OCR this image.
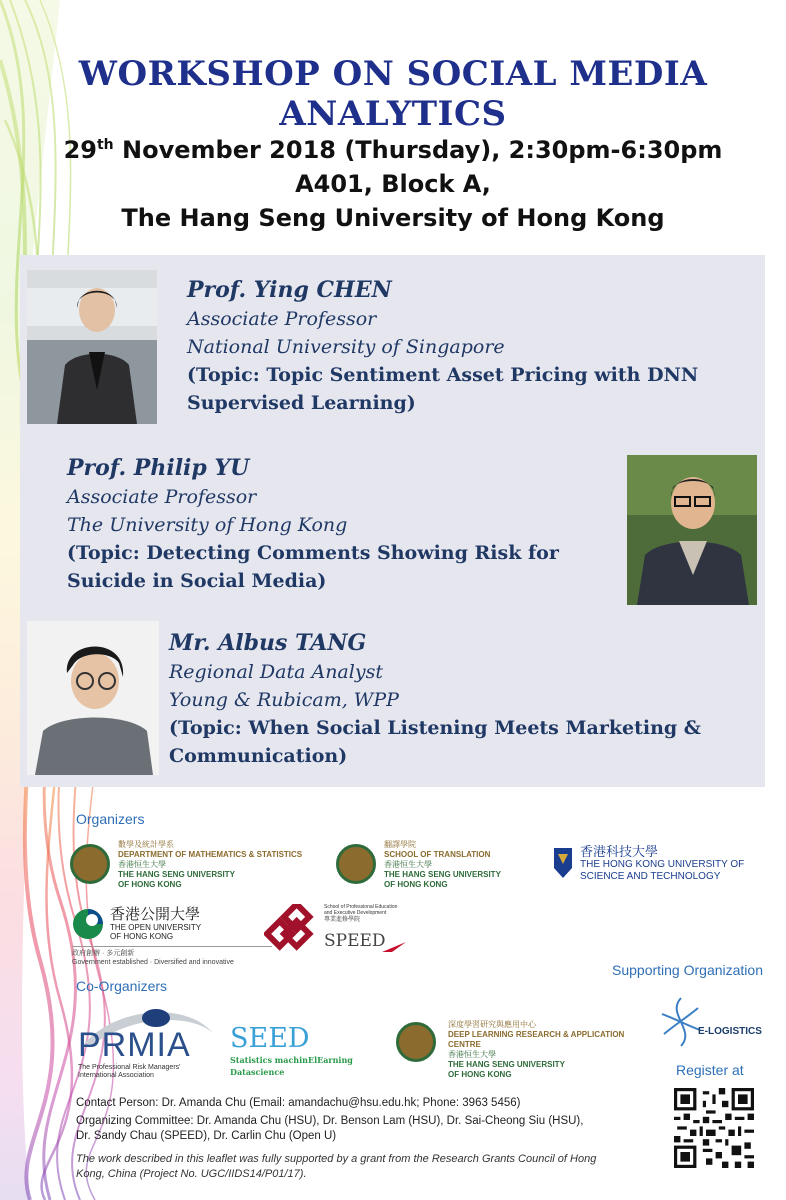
WORKSHOP ON SOCIAL MEDIA ANALYTICS
29th November 2018 (Thursday), 2:30pm-6:30pm
A401, Block A,
The Hang Seng University of Hong Kong
Prof. Ying CHEN
Associate Professor
National University of Singapore
(Topic: Topic Sentiment Asset Pricing with DNN
Supervised Learning)
Prof. Philip YU
Associate Professor
The University of Hong Kong
(Topic: Detecting Comments Showing Risk for
Suicide in Social Media)
Mr. Albus TANG
Regional Data Analyst
Young & Rubicam, WPP
(Topic: When Social Listening Meets Marketing &
Communication)
Organizers
數學及統計學系
DEPARTMENT OF MATHEMATICS & STATISTICS
香港恒生大學
THE HANG SENG UNIVERSITY
OF HONG KONG
翻譯學院
SCHOOL OF TRANSLATION
香港恒生大學
THE HANG SENG UNIVERSITY
OF HONG KONG
香港科技大學
THE HONG KONG UNIVERSITY OF
SCIENCE AND TECHNOLOGY
香港公開大學
THE OPEN UNIVERSITY
OF HONG KONG
政府創辦 · 多元創新
Government established · Diversified and innovative
School of Professional Education
and Executive Development
專業進修學院
SPEED
Supporting Organization
E-LOGISTICS
Co-Organizers
PRMIA
The Professional Risk Managers'
International Association
SEED
Statistics machinElEarning Datascience
深度學習研究與應用中心
DEEP LEARNING RESEARCH & APPLICATION CENTRE
香港恒生大學
THE HANG SENG UNIVERSITY
OF HONG KONG	Register at
Contact Person: Dr. Amanda Chu (Email: amandachu@hsu.edu.hk; Phone: 3963 5456)
Organizing Committee: Dr. Amanda Chu (HSU), Dr. Benson Lam (HSU), Dr. Sai-Cheong Siu (HSU),
Dr. Sandy Chau (SPEED), Dr. Carlin Chu (Open U)
The work described in this leaflet was fully supported by a grant from the Research Grants Council of Hong
Kong, China (Project No. UGC/IIDS14/P01/17).
